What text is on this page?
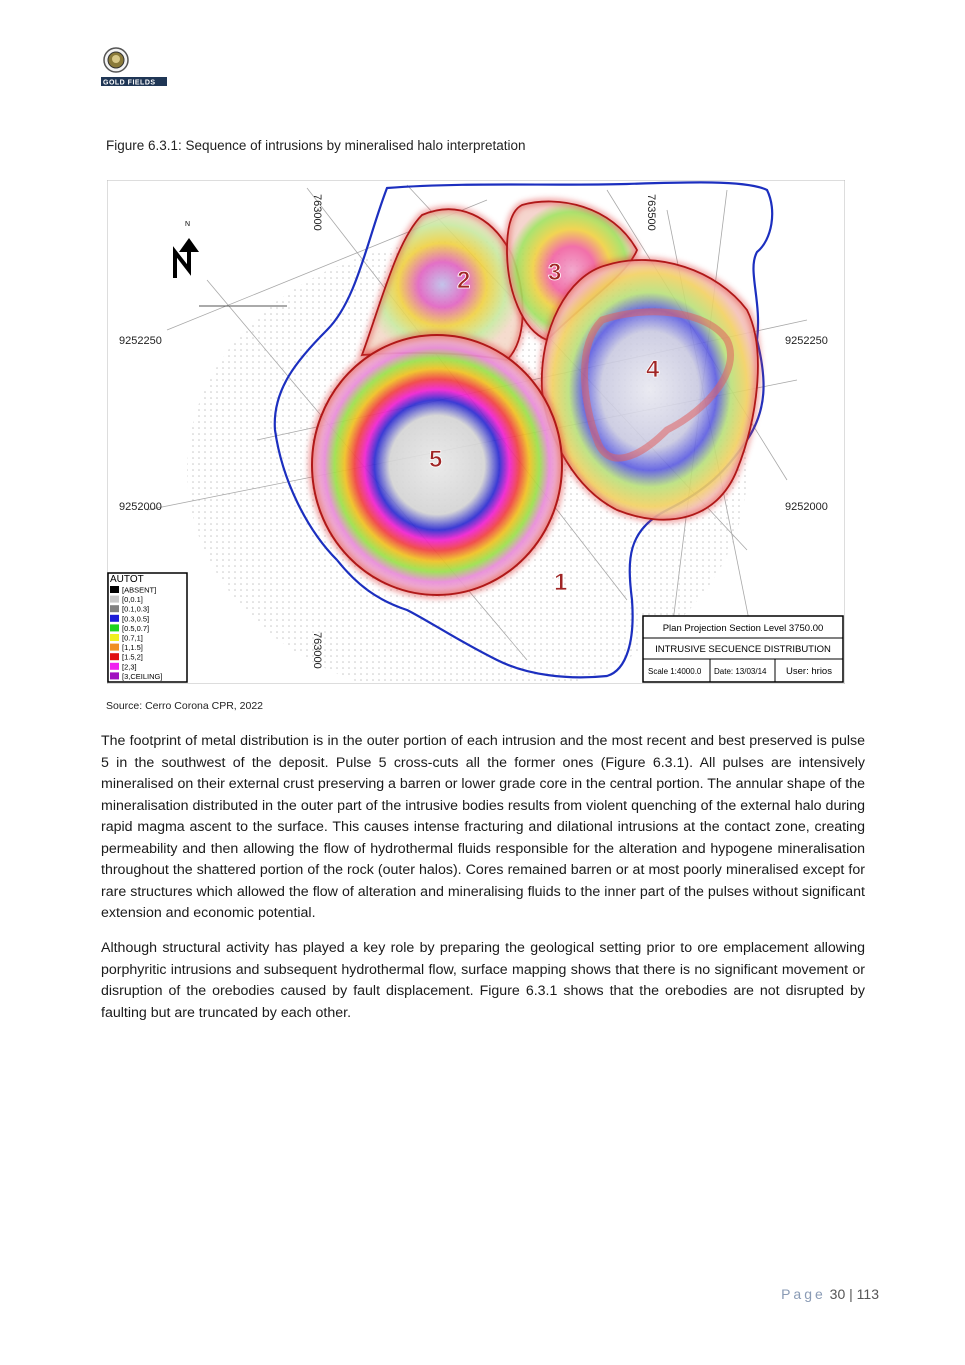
GOLD FIELDS
Figure 6.3.1: Sequence of intrusions by mineralised halo interpretation
N	763000	763500
763000
9252250	9252250
9252000	9252000
1
2	3
4
5
AUTOT
[ABSENT]
[0,0.1]
[0.1,0.3]
[0.3,0.5]
[0.5,0.7]
[0.7,1]
[1,1.5]
[1.5,2]
[2,3]
[3,CEILING]
Plan Projection Section Level 3750.00
INTRUSIVE SECUENCE DISTRIBUTION
Scale 1:4000.0 Date: 13/03/14 User: hrios
Source: Cerro Corona CPR, 2022

The footprint of metal distribution is in the outer portion of each intrusion and the most recent and best preserved is pulse 5 in the southwest of the deposit. Pulse 5 cross-cuts all the former ones (Figure 6.3.1). All pulses are intensively mineralised on their external crust preserving a barren or lower grade core in the central portion. The annular shape of the mineralisation distributed in the outer part of the intrusive bodies results from violent quenching of the external halo during rapid magma ascent to the surface. This causes intense fracturing and dilational intrusions at the contact zone, creating permeability and then allowing the flow of hydrothermal fluids responsible for the alteration and hypogene mineralisation throughout the shattered portion of the rock (outer halos). Cores remained barren or at most poorly mineralised except for rare structures which allowed the flow of alteration and mineralising fluids to the inner part of the pulses without significant extension and economic potential.

Although structural activity has played a key role by preparing the geological setting prior to ore emplacement allowing porphyritic intrusions and subsequent hydrothermal flow, surface mapping shows that there is no significant movement or disruption of the orebodies caused by fault displacement. Figure 6.3.1 shows that the orebodies are not disrupted by faulting but are truncated by each other.

Page 30 | 113
